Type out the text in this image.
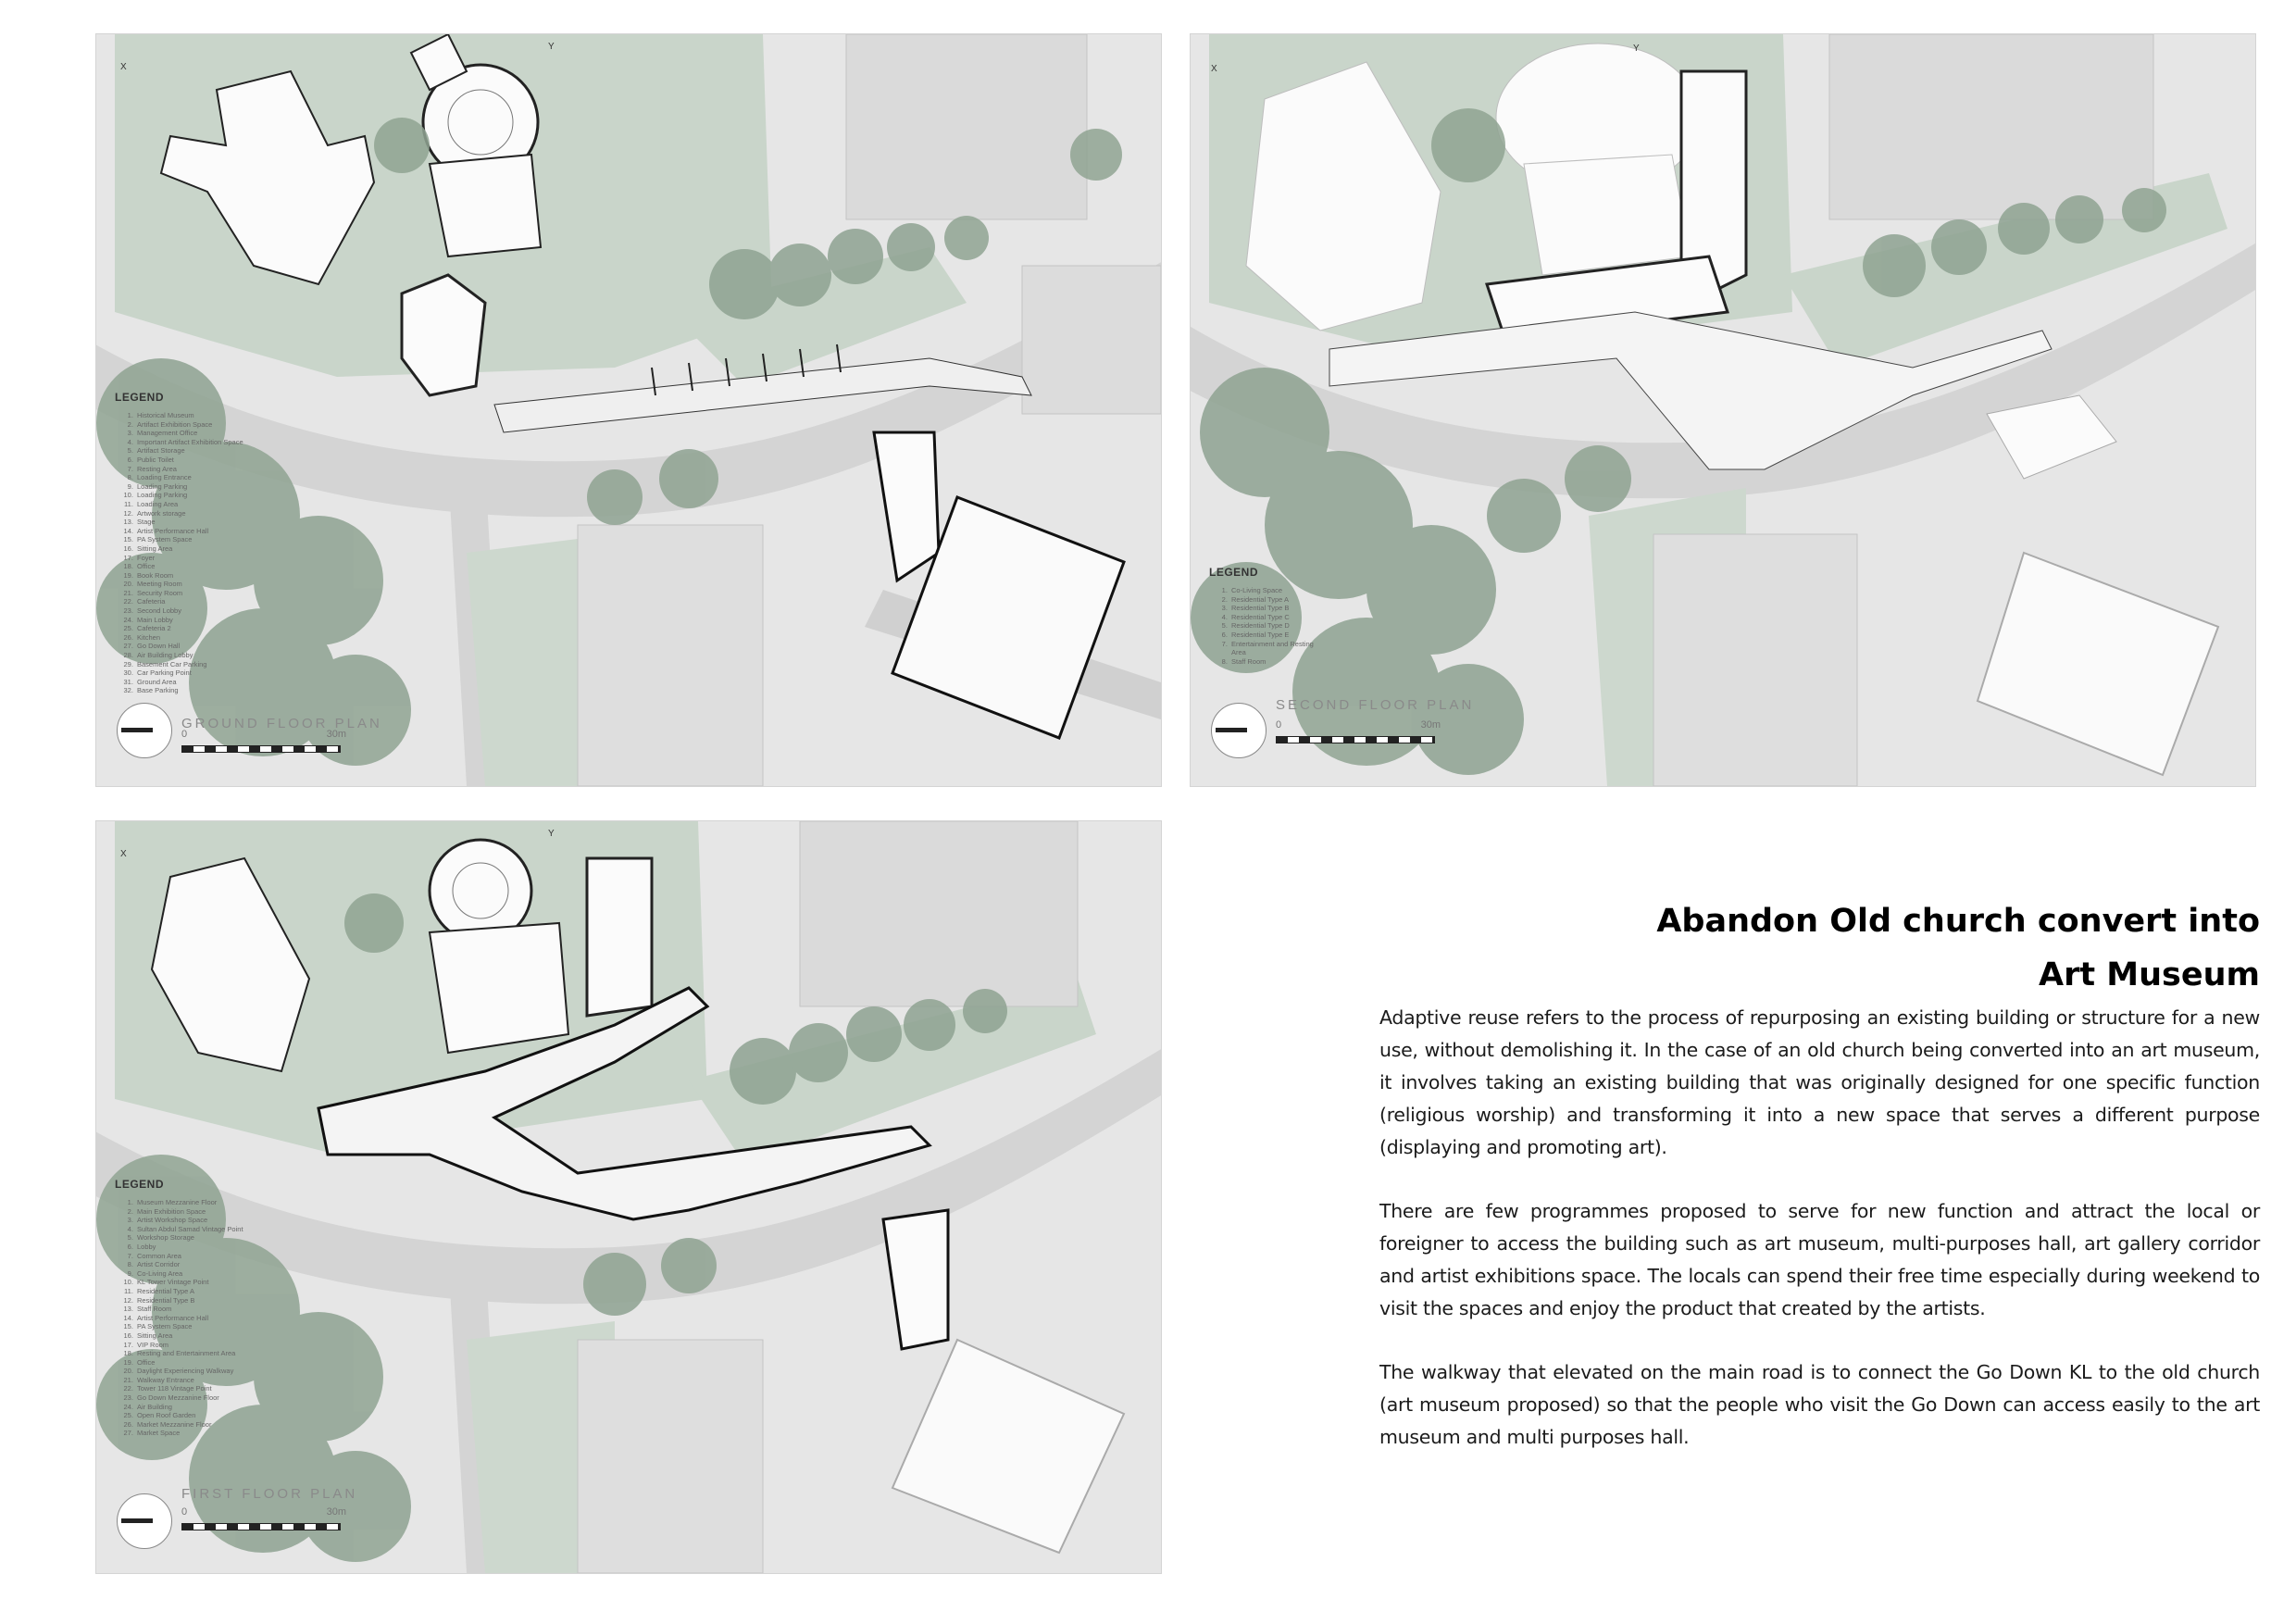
X
Y
LEGEND
1. Historical Museum
2. Artifact Exhibition Space
3. Management Office
4. Important Artifact Exhibition Space
5. Artifact Storage
6. Public Toilet
7. Resting Area
8. Loading Entrance
9. Loading Parking
10. Loading Parking
11. Loading Area
12. Artwork storage
13. Stage
14. Artist Performance Hall
15. PA System Space
16. Sitting Area
17. Foyer
18. Office
19. Book Room
20. Meeting Room
21. Security Room
22. Cafeteria
23. Second Lobby
24. Main Lobby
25. Cafeteria 2
26. Kitchen
27. Go Down Hall
28. Air Building Lobby
29. Basement Car Parking
30. Car Parking Point
31. Ground Area
32. Base Parking
GROUND FLOOR PLAN
0	30m
X
Y
LEGEND
1. Co-Living Space
2. Residential Type A
3. Residential Type B
4. Residential Type C
5. Residential Type D
6. Residential Type E
7. Entertainment and Resting Area
8. Staff Room
SECOND FLOOR PLAN
0	30m
X
Y
LEGEND
1. Museum Mezzanine Floor
2. Main Exhibition Space
3. Artist Workshop Space
4. Sultan Abdul Samad Vintage Point
5. Workshop Storage
6. Lobby
7. Common Area
8. Artist Corridor
9. Co-Living Area
10. KL Tower Vintage Point
11. Residential Type A
12. Residential Type B
13. Staff Room
14. Artist Performance Hall
15. PA System Space
16. Sitting Area
17. VIP Room
18. Resting and Entertainment Area
19. Office
20. Daylight Experiencing Walkway
21. Walkway Entrance
22. Tower 118 Vintage Point
23. Go Down Mezzanine Floor
24. Air Building
25. Open Roof Garden
26. Market Mezzanine Floor
27. Market Space
FIRST FLOOR PLAN
0	30m
Abandon Old church convert into
Art Museum

Adaptive reuse refers to the process of repurposing an existing building or structure for a new use, without demolishing it. In the case of an old church being converted into an art museum, it involves taking an existing building that was originally designed for one specific function (religious worship) and transforming it into a new space that serves a different purpose (displaying and promoting art).

There are few programmes proposed to serve for new function and attract the local or foreigner to access the building such as art museum, multi-purposes hall, art gallery corridor and artist exhibitions space. The locals can spend their free time especially during weekend to visit the spaces and enjoy the product that created by the artists.

The walkway that elevated on the main road is to connect the Go Down KL to the old church (art museum proposed) so that the people who visit the Go Down can access easily to the art museum and multi purposes hall.
